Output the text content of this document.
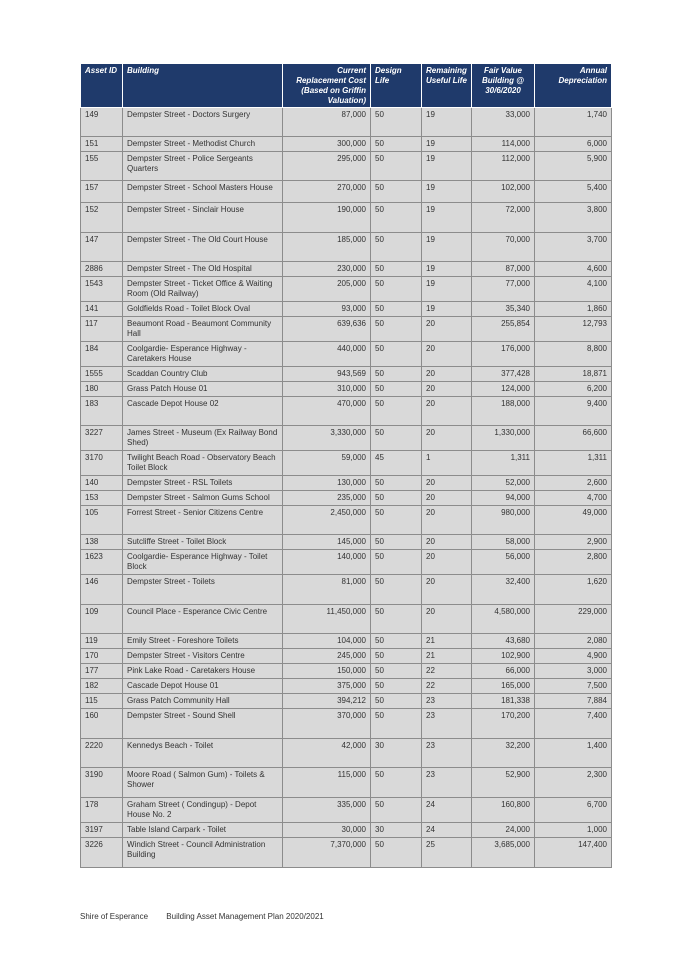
Asset ID	Building	Current Replacement Cost (Based on Griffin Valuation)	Design Life	Remaining Useful Life	Fair Value Building @ 30/6/2020	Annual Depreciation
149	Dempster Street - Doctors Surgery	87,000	50	19	33,000	1,740
151	Dempster Street - Methodist Church	300,000	50	19	114,000	6,000
155	Dempster Street - Police Sergeants Quarters	295,000	50	19	112,000	5,900
157	Dempster Street - School Masters House	270,000	50	19	102,000	5,400
152	Dempster Street - Sinclair House	190,000	50	19	72,000	3,800
147	Dempster Street - The Old Court House	185,000	50	19	70,000	3,700
2886	Dempster Street - The Old Hospital	230,000	50	19	87,000	4,600
1543	Dempster Street - Ticket Office & Waiting Room (Old Railway)	205,000	50	19	77,000	4,100
141	Goldfields Road - Toilet Block Oval	93,000	50	19	35,340	1,860
117	Beaumont Road - Beaumont Community Hall	639,636	50	20	255,854	12,793
184	Coolgardie- Esperance Highway - Caretakers House	440,000	50	20	176,000	8,800
1555	Scaddan Country Club	943,569	50	20	377,428	18,871
180	Grass Patch House 01	310,000	50	20	124,000	6,200
183	Cascade Depot House 02	470,000	50	20	188,000	9,400
3227	James Street - Museum (Ex Railway Bond Shed)	3,330,000	50	20	1,330,000	66,600
3170	Twilight Beach Road - Observatory Beach Toilet Block	59,000	45	1	1,311	1,311
140	Dempster Street - RSL Toilets	130,000	50	20	52,000	2,600
153	Dempster Street - Salmon Gums School	235,000	50	20	94,000	4,700
105	Forrest Street - Senior Citizens Centre	2,450,000	50	20	980,000	49,000
138	Sutcliffe Street - Toilet Block	145,000	50	20	58,000	2,900
1623	Coolgardie- Esperance Highway - Toilet Block	140,000	50	20	56,000	2,800
146	Dempster Street - Toilets	81,000	50	20	32,400	1,620
109	Council Place - Esperance Civic Centre	11,450,000	50	20	4,580,000	229,000
119	Emily Street - Foreshore Toilets	104,000	50	21	43,680	2,080
170	Dempster Street - Visitors Centre	245,000	50	21	102,900	4,900
177	Pink Lake Road - Caretakers House	150,000	50	22	66,000	3,000
182	Cascade Depot House 01	375,000	50	22	165,000	7,500
115	Grass Patch Community Hall	394,212	50	23	181,338	7,884
160	Dempster Street - Sound Shell	370,000	50	23	170,200	7,400
2220	Kennedys Beach - Toilet	42,000	30	23	32,200	1,400
3190	Moore Road ( Salmon Gum) - Toilets & Shower	115,000	50	23	52,900	2,300
178	Graham Street ( Condingup) - Depot House No. 2	335,000	50	24	160,800	6,700
3197	Table Island Carpark - Toilet	30,000	30	24	24,000	1,000
3226	Windich Street - Council Administration Building	7,370,000	50	25	3,685,000	147,400
Shire of Esperance Building Asset Management Plan 2020/2021
